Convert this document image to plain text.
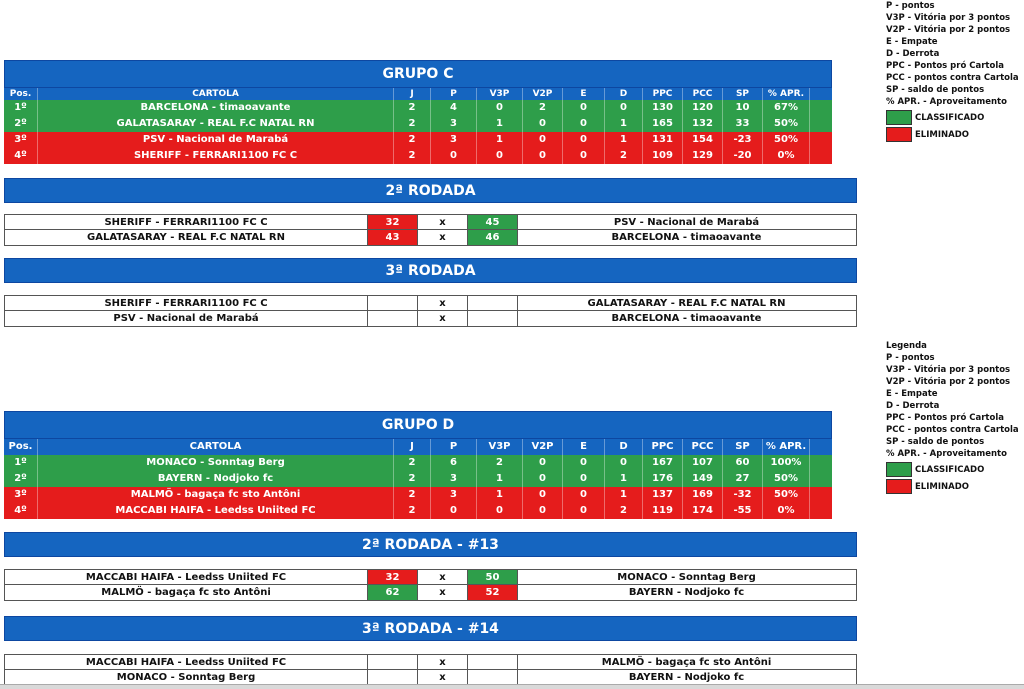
P - pontos
V3P - Vitória por 3 pontos
V2P - Vitória por 2 pontos
E - Empate
D - Derrota
PPC - Pontos pró Cartola
PCC - pontos contra Cartola
SP - saldo de pontos
% APR. - Aproveitamento
CLASSIFICADO
ELIMINADO
GRUPO C
Pos.	CARTOLA	J	P	V3P	V2P	E	D	PPC	PCC	SP	% APR.
1º	BARCELONA - timaoavante	2	4	0	2	0	0	130	120	10	67%
2º	GALATASARAY - REAL F.C NATAL RN	2	3	1	0	0	1	165	132	33	50%
3º	PSV - Nacional de Marabá	2	3	1	0	0	1	131	154	-23	50%
4º	SHERIFF - FERRARI1100 FC C	2	0	0	0	0	2	109	129	-20	0%
2ª RODADA
SHERIFF - FERRARI1100 FC C	32	x	45	PSV - Nacional de Marabá
GALATASARAY - REAL F.C NATAL RN	43	x	46	BARCELONA - timaoavante
3ª RODADA
SHERIFF - FERRARI1100 FC C	x	GALATASARAY - REAL F.C NATAL RN
PSV - Nacional de Marabá	x	BARCELONA - timaoavante
Legenda
P - pontos
V3P - Vitória por 3 pontos
V2P - Vitória por 2 pontos
E - Empate
D - Derrota
PPC - Pontos pró Cartola
PCC - pontos contra Cartola
SP - saldo de pontos
% APR. - Aproveitamento
CLASSIFICADO
ELIMINADO
GRUPO D
Pos.	CARTOLA	J	P	V3P	V2P	E	D	PPC	PCC	SP	% APR.
1º	MONACO - Sonntag Berg	2	6	2	0	0	0	167	107	60	100%
2º	BAYERN - Nodjoko fc	2	3	1	0	0	1	176	149	27	50%
3º	MALMÖ - bagaça fc sto Antôni	2	3	1	0	0	1	137	169	-32	50%
4º	MACCABI HAIFA - Leedss Uniited FC	2	0	0	0	0	2	119	174	-55	0%
2ª RODADA - #13
MACCABI HAIFA - Leedss Uniited FC	32	x	50	MONACO - Sonntag Berg
MALMÖ - bagaça fc sto Antôni	62	x	52	BAYERN - Nodjoko fc
3ª RODADA - #14
MACCABI HAIFA - Leedss Uniited FC	x	MALMÖ - bagaça fc sto Antôni
MONACO - Sonntag Berg	x	BAYERN - Nodjoko fc
